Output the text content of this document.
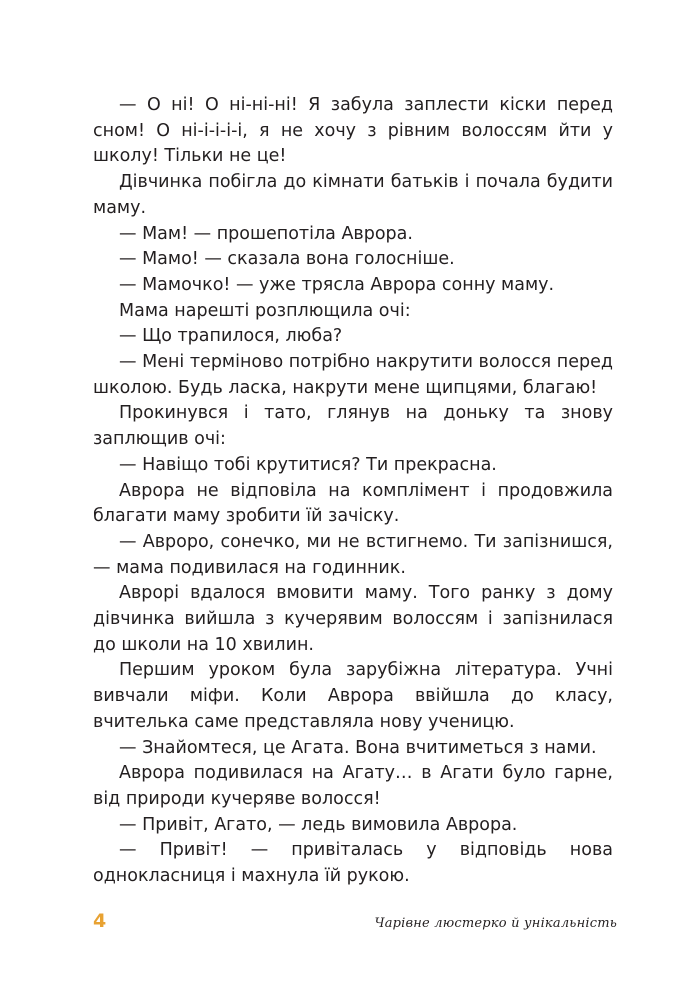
— О ні! О ні-ні-ні! Я забула заплести кіски перед сном! О ні-і-і-і-і, я не хочу з рівним волоссям йти у школу! Тільки не це!

Дівчинка побігла до кімнати батьків і почала будити маму.

— Мам! — прошепотіла Аврора.

— Мамо! — сказала вона голосніше.

— Мамочко! — уже трясла Аврора сонну маму.

Мама нарешті розплющила очі:

— Що трапилося, люба?

— Мені терміново потрібно накрутити волосся перед школою. Будь ласка, накрути мене щипцями, благаю!

Прокинувся і тато, глянув на доньку та знову заплющив очі:

— Навіщо тобі крутитися? Ти прекрасна.

Аврора не відповіла на комплімент і продовжила благати маму зробити їй зачіску.

— Авроро, сонечко, ми не встигнемо. Ти запізнишся, — мама подивилася на годинник.

Аврорі вдалося вмовити маму. Того ранку з дому дівчинка вийшла з кучерявим волоссям і запізнилася до школи на 10 хвилин.

Першим уроком була зарубіжна література. Учні вивчали міфи. Коли Аврора ввійшла до класу, вчителька саме представляла нову ученицю.

— Знайомтеся, це Агата. Вона вчитиметься з нами.

Аврора подивилася на Агату… в Агати було гарне, від природи кучеряве волосся!

— Привіт, Агато, — ледь вимовила Аврора.

— Привіт! — привіталась у відповідь нова однокласниця і махнула їй рукою.

4	Чарівне люстерко й унікальність
